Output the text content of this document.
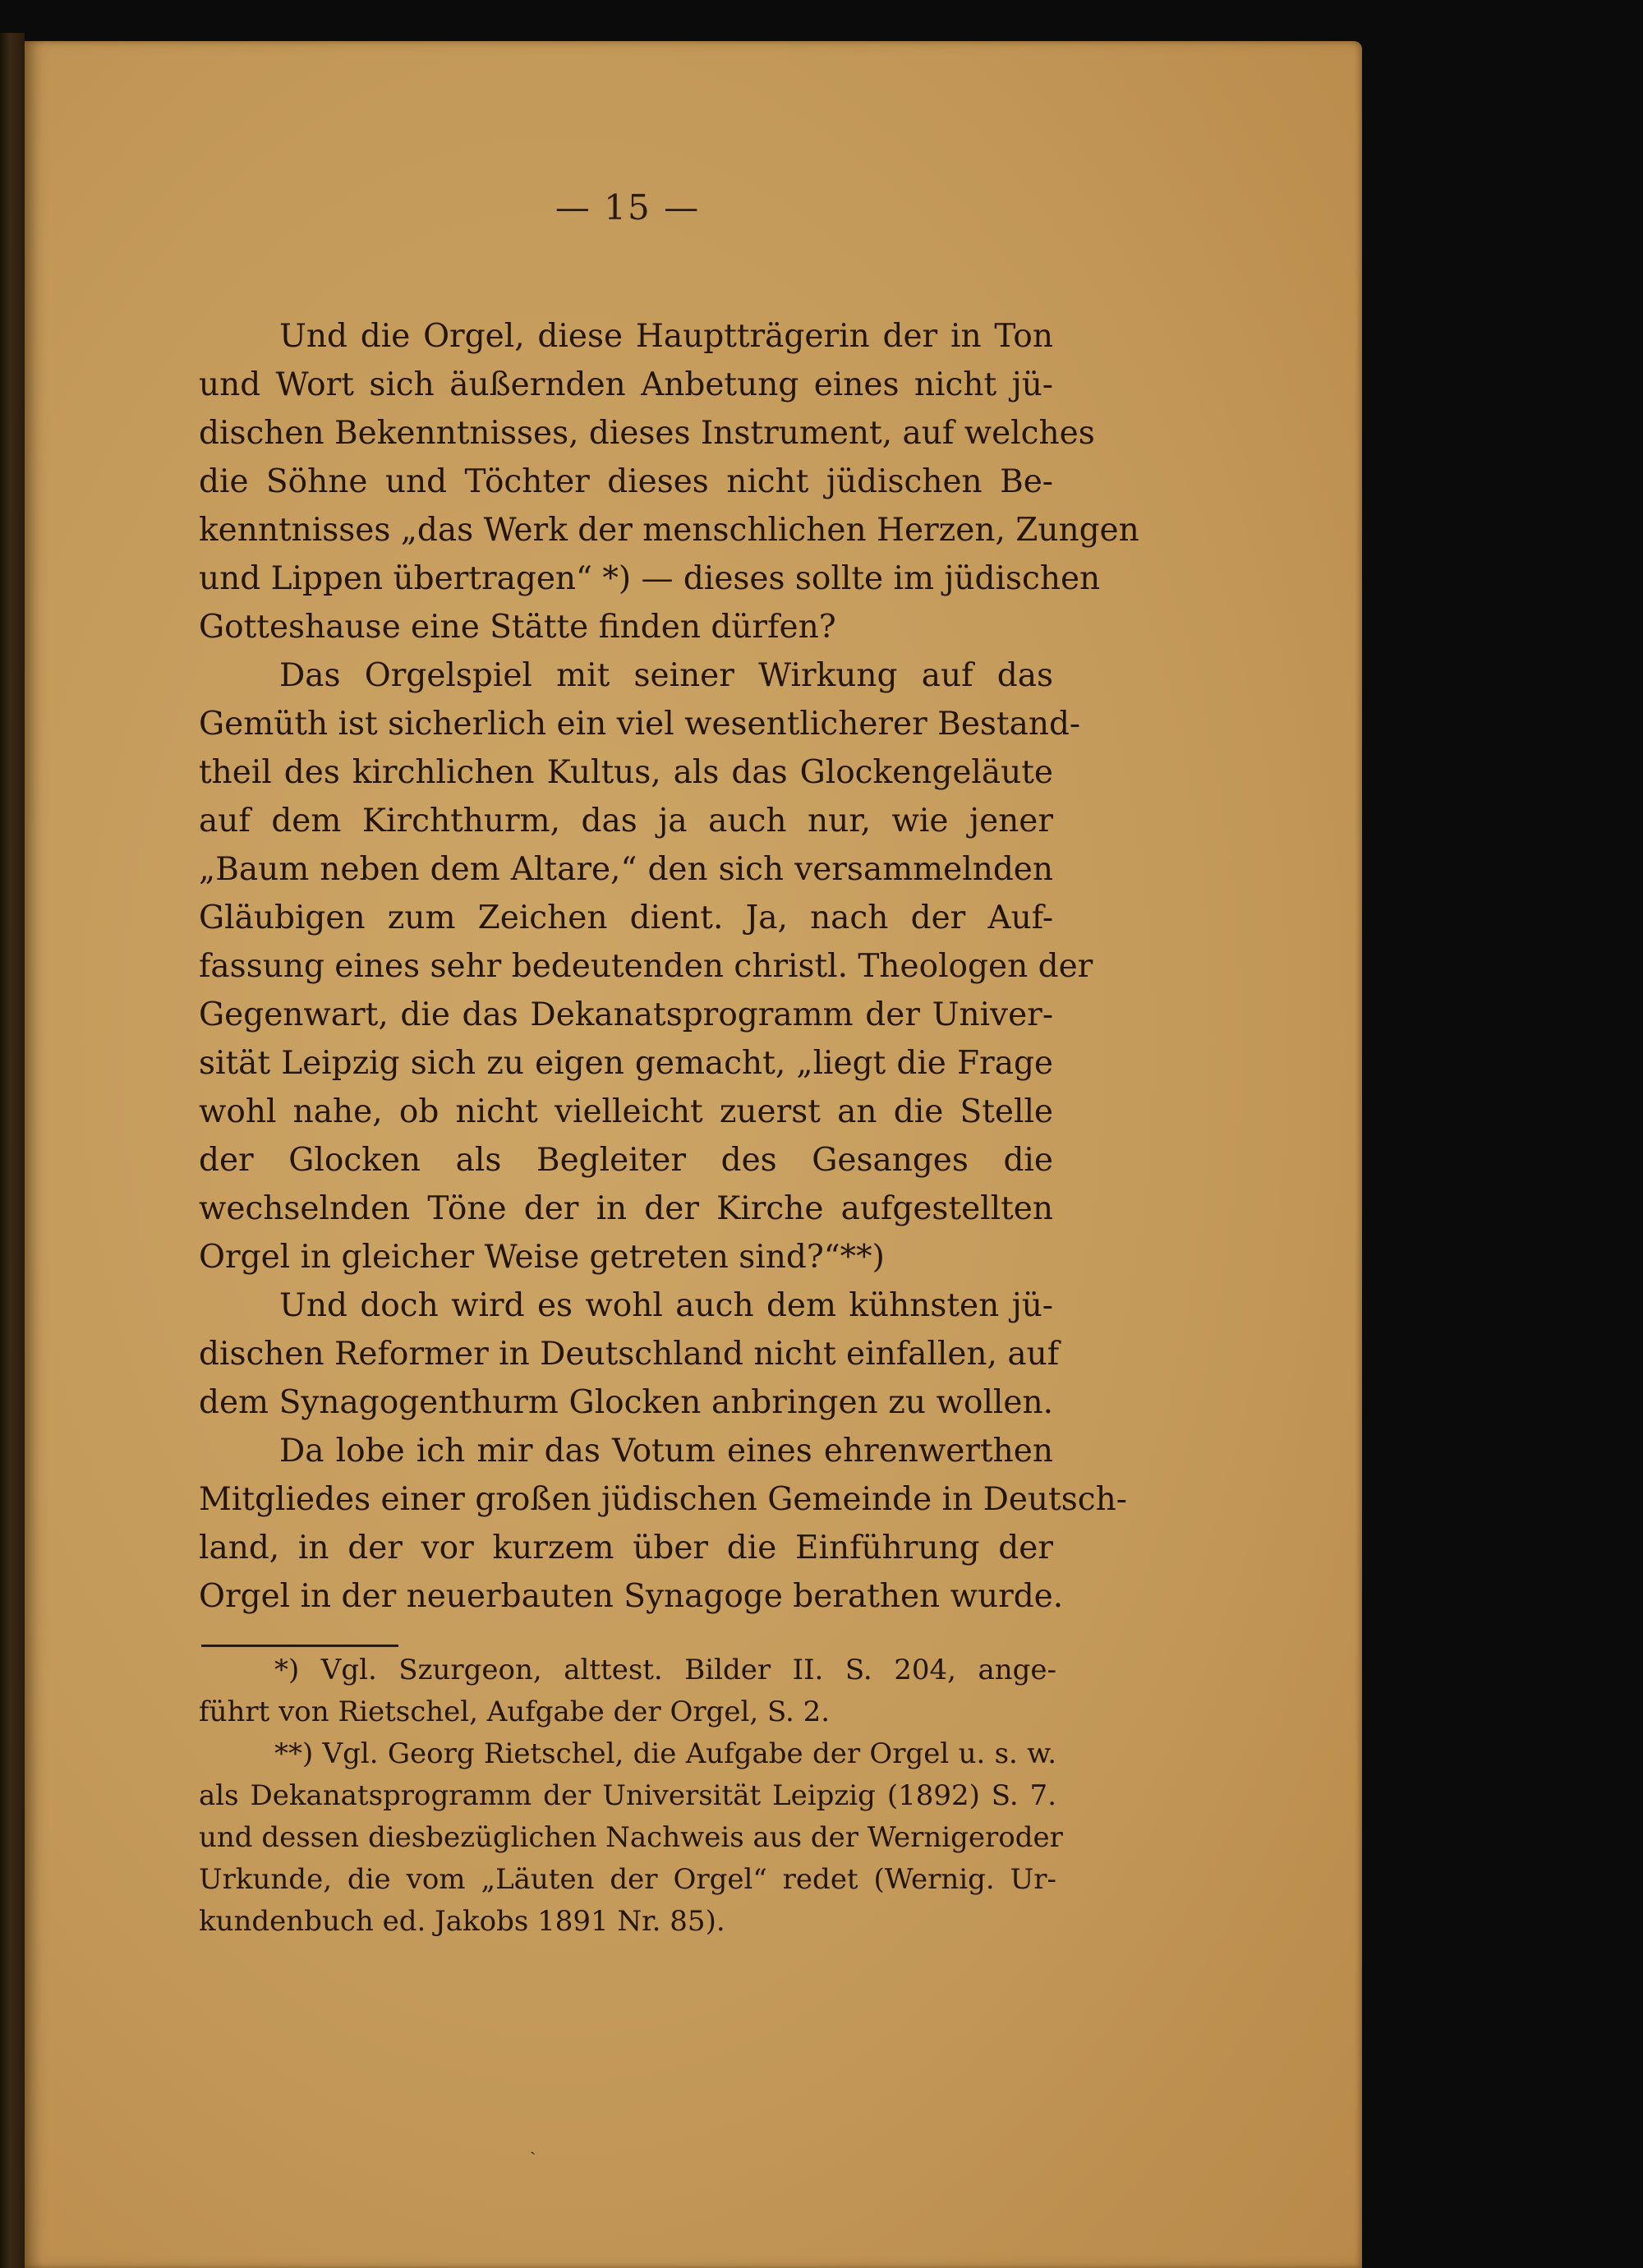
— 15 —
Und die Orgel, diese Hauptträgerin der in Ton
und Wort sich äußernden Anbetung eines nicht jü-
dischen Bekenntnisses, dieses Instrument, auf welches
die Söhne und Töchter dieses nicht jüdischen Be-
kenntnisses „das Werk der menschlichen Herzen, Zungen
und Lippen übertragen“ *) — dieses sollte im jüdischen
Gotteshause eine Stätte finden dürfen?
Das Orgelspiel mit seiner Wirkung auf das
Gemüth ist sicherlich ein viel wesentlicherer Bestand-
theil des kirchlichen Kultus, als das Glockengeläute
auf dem Kirchthurm, das ja auch nur, wie jener
„Baum neben dem Altare,“ den sich versammelnden
Gläubigen zum Zeichen dient. Ja, nach der Auf-
fassung eines sehr bedeutenden christl. Theologen der
Gegenwart, die das Dekanatsprogramm der Univer-
sität Leipzig sich zu eigen gemacht, „liegt die Frage
wohl nahe, ob nicht vielleicht zuerst an die Stelle
der Glocken als Begleiter des Gesanges die
wechselnden Töne der in der Kirche aufgestellten
Orgel in gleicher Weise getreten sind?“**)
Und doch wird es wohl auch dem kühnsten jü-
dischen Reformer in Deutschland nicht einfallen, auf
dem Synagogenthurm Glocken anbringen zu wollen.
Da lobe ich mir das Votum eines ehrenwerthen
Mitgliedes einer großen jüdischen Gemeinde in Deutsch-
land, in der vor kurzem über die Einführung der
Orgel in der neuerbauten Synagoge berathen wurde.
*) Vgl. Szurgeon, alttest. Bilder II. S. 204, ange-
führt von Rietschel, Aufgabe der Orgel, S. 2.
**) Vgl. Georg Rietschel, die Aufgabe der Orgel u. s. w.
als Dekanatsprogramm der Universität Leipzig (1892) S. 7.
und dessen diesbezüglichen Nachweis aus der Wernigeroder
Urkunde, die vom „Läuten der Orgel“ redet (Wernig. Ur-
kundenbuch ed. Jakobs 1891 Nr. 85).
ˏ
